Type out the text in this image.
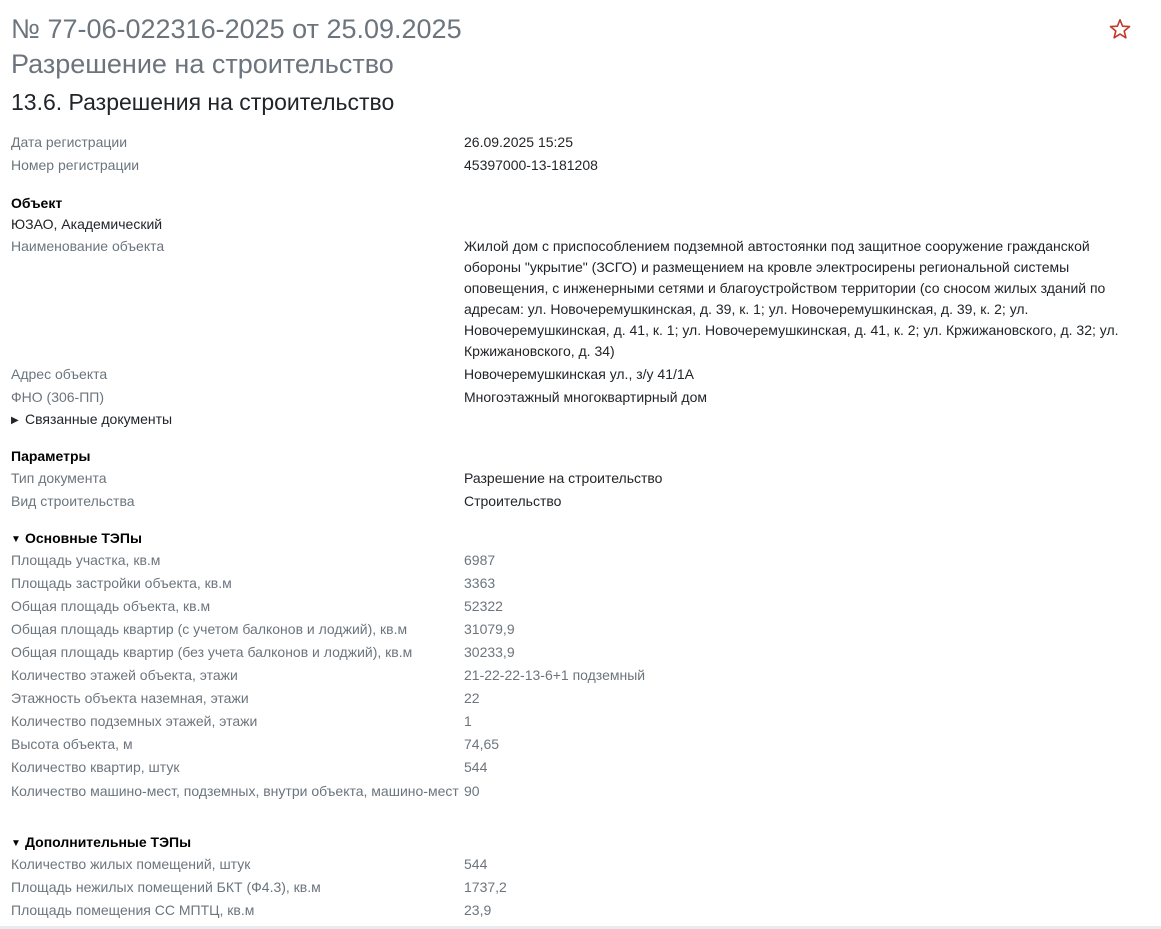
№ 77-06-022316-2025 от 25.09.2025
Разрешение на строительство
13.6. Разрешения на строительство
Дата регистрации	26.09.2025 15:25
Номер регистрации	45397000-13-181208
Объект
ЮЗАО, Академический
Наименование объекта	Жилой дом с приспособлением подземной автостоянки под защитное сооружение гражданской обороны "укрытие" (ЗСГО) и размещением на кровле электросирены региональной системы оповещения, с инженерными сетями и благоустройством территории (со сносом жилых зданий по адресам: ул. Новочеремушкинская, д. 39, к. 1; ул. Новочеремушкинская, д. 39, к. 2; ул. Новочеремушкинская, д. 41, к. 1; ул. Новочеремушкинская, д. 41, к. 2; ул. Кржижановского, д. 32; ул. Кржижановского, д. 34)
Адрес объекта	Новочеремушкинская ул., з/у 41/1А
ФНО (306-ПП)	Многоэтажный многоквартирный дом
▶ Связанные документы
Параметры
Тип документа	Разрешение на строительство
Вид строительства	Строительство
▼ Основные ТЭПы
Площадь участка, кв.м	6987
Площадь застройки объекта, кв.м	3363
Общая площадь объекта, кв.м	52322
Общая площадь квартир (с учетом балконов и лоджий), кв.м	31079,9
Общая площадь квартир (без учета балконов и лоджий), кв.м	30233,9
Количество этажей объекта, этажи	21-22-22-13-6+1 подземный
Этажность объекта наземная, этажи	22
Количество подземных этажей, этажи	1
Высота объекта, м	74,65
Количество квартир, штук	544
Количество машино-мест, подземных, внутри объекта, машино-мест 90
▼ Дополнительные ТЭПы
Количество жилых помещений, штук	544
Площадь нежилых помещений БКТ (Ф4.3), кв.м	1737,2
Площадь помещения СС МПТЦ, кв.м	23,9
